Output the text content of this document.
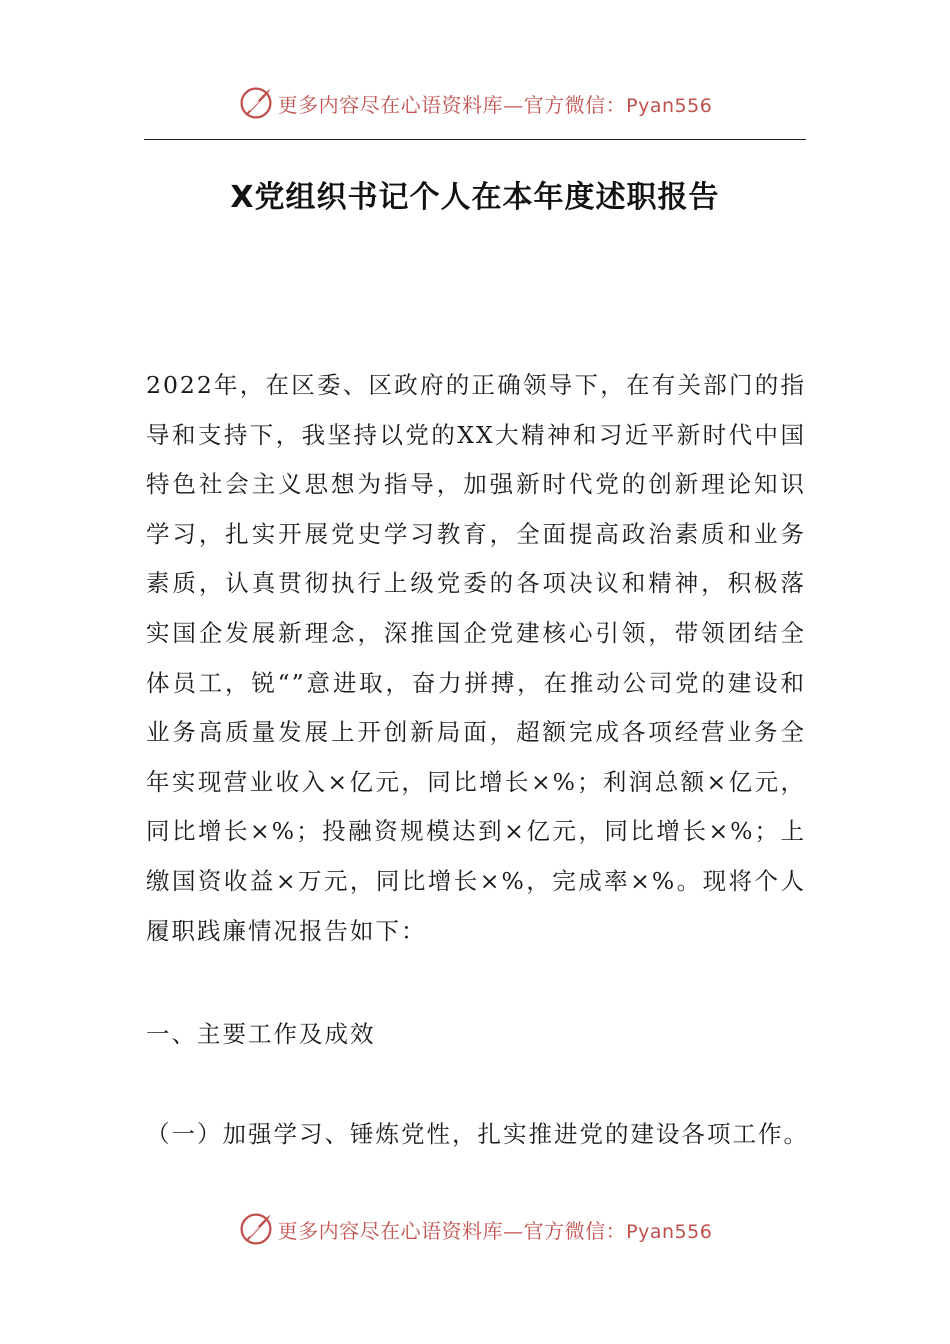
更多内容尽在心语资料库—官方微信：Pyan556
X党组织书记个人在本年度述职报告

2022年，在区委、区政府的正确领导下，在有关部门的指导和支持下，我坚持以党的XX大精神和习近平新时代中国特色社会主义思想为指导，加强新时代党的创新理论知识学习，扎实开展党史学习教育，全面提高政治素质和业务素质，认真贯彻执行上级党委的各项决议和精神，积极落实国企发展新理念，深推国企党建核心引领，带领团结全体员工，锐“”意进取，奋力拼搏，在推动公司党的建设和业务高质量发展上开创新局面，超额完成各项经营业务全年实现营业收入×亿元，同比增长×%；利润总额×亿元，同比增长×%；投融资规模达到×亿元，同比增长×%；上缴国资收益×万元，同比增长×%，完成率×%。现将个人履职践廉情况报告如下：

一、主要工作及成效

（一）加强学习、锤炼党性，扎实推进党的建设各项工作。

更多内容尽在心语资料库—官方微信：Pyan556
